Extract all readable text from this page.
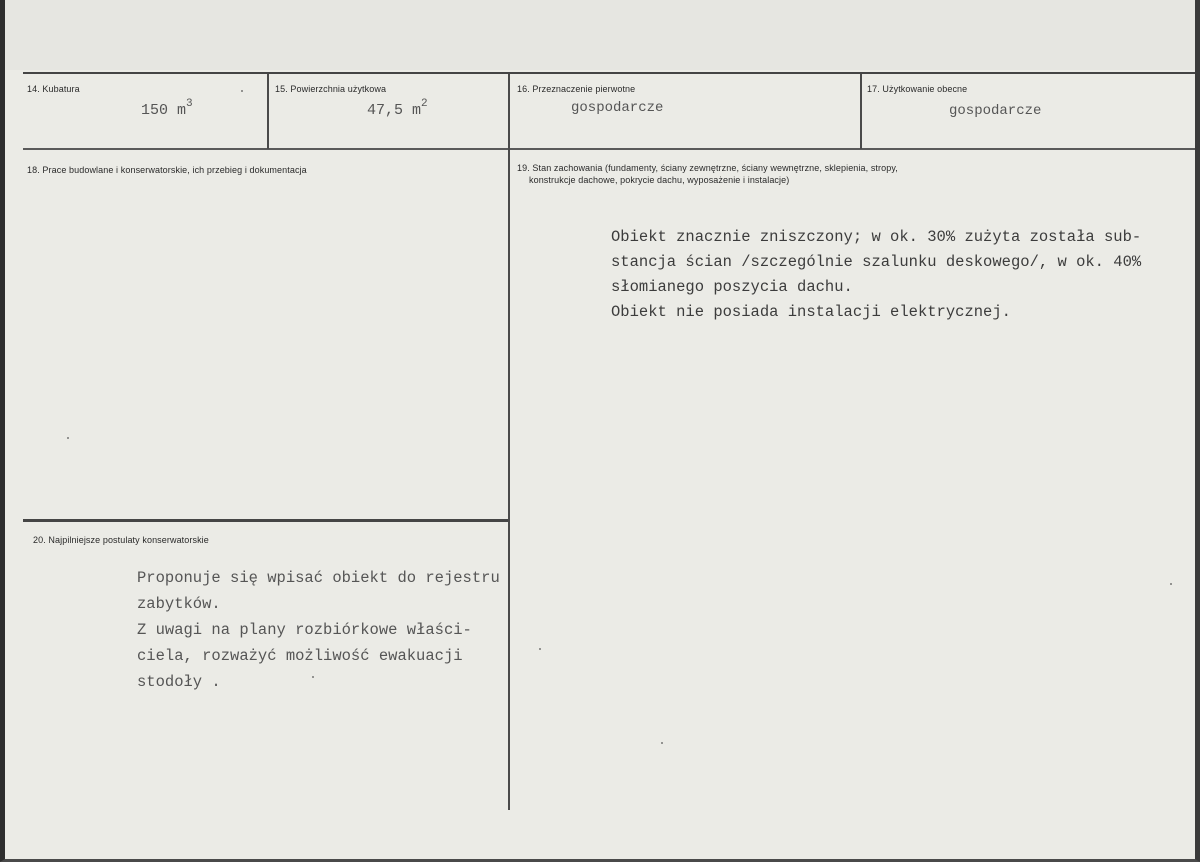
14. Kubatura
150 $m^3$
15. Powierzchnia użytkowa
47,5 $m^2$
16. Przeznaczenie pierwotne
gospodarcze
17. Użytkowanie obecne
gospodarcze
18. Prace budowlane i konserwatorskie, ich przebieg i dokumentacja	19. Stan zachowania (fundamenty, ściany zewnętrzne, ściany wewnętrzne, sklepienia, stropy,
konstrukcje dachowe, pokrycie dachu, wyposażenie i instalacje)
Obiekt znacznie zniszczony; w ok. 30% zużyta została sub-
stancja ścian /szczególnie szalunku deskowego/, w ok. 40%
słomianego poszycia dachu.
Obiekt nie posiada instalacji elektrycznej.
20. Najpilniejsze postulaty konserwatorskie
Proponuje się wpisać obiekt do rejestru
zabytków.
Z uwagi na plany rozbiórkowe właści-
ciela, rozważyć możliwość ewakuacji
stodoły .
